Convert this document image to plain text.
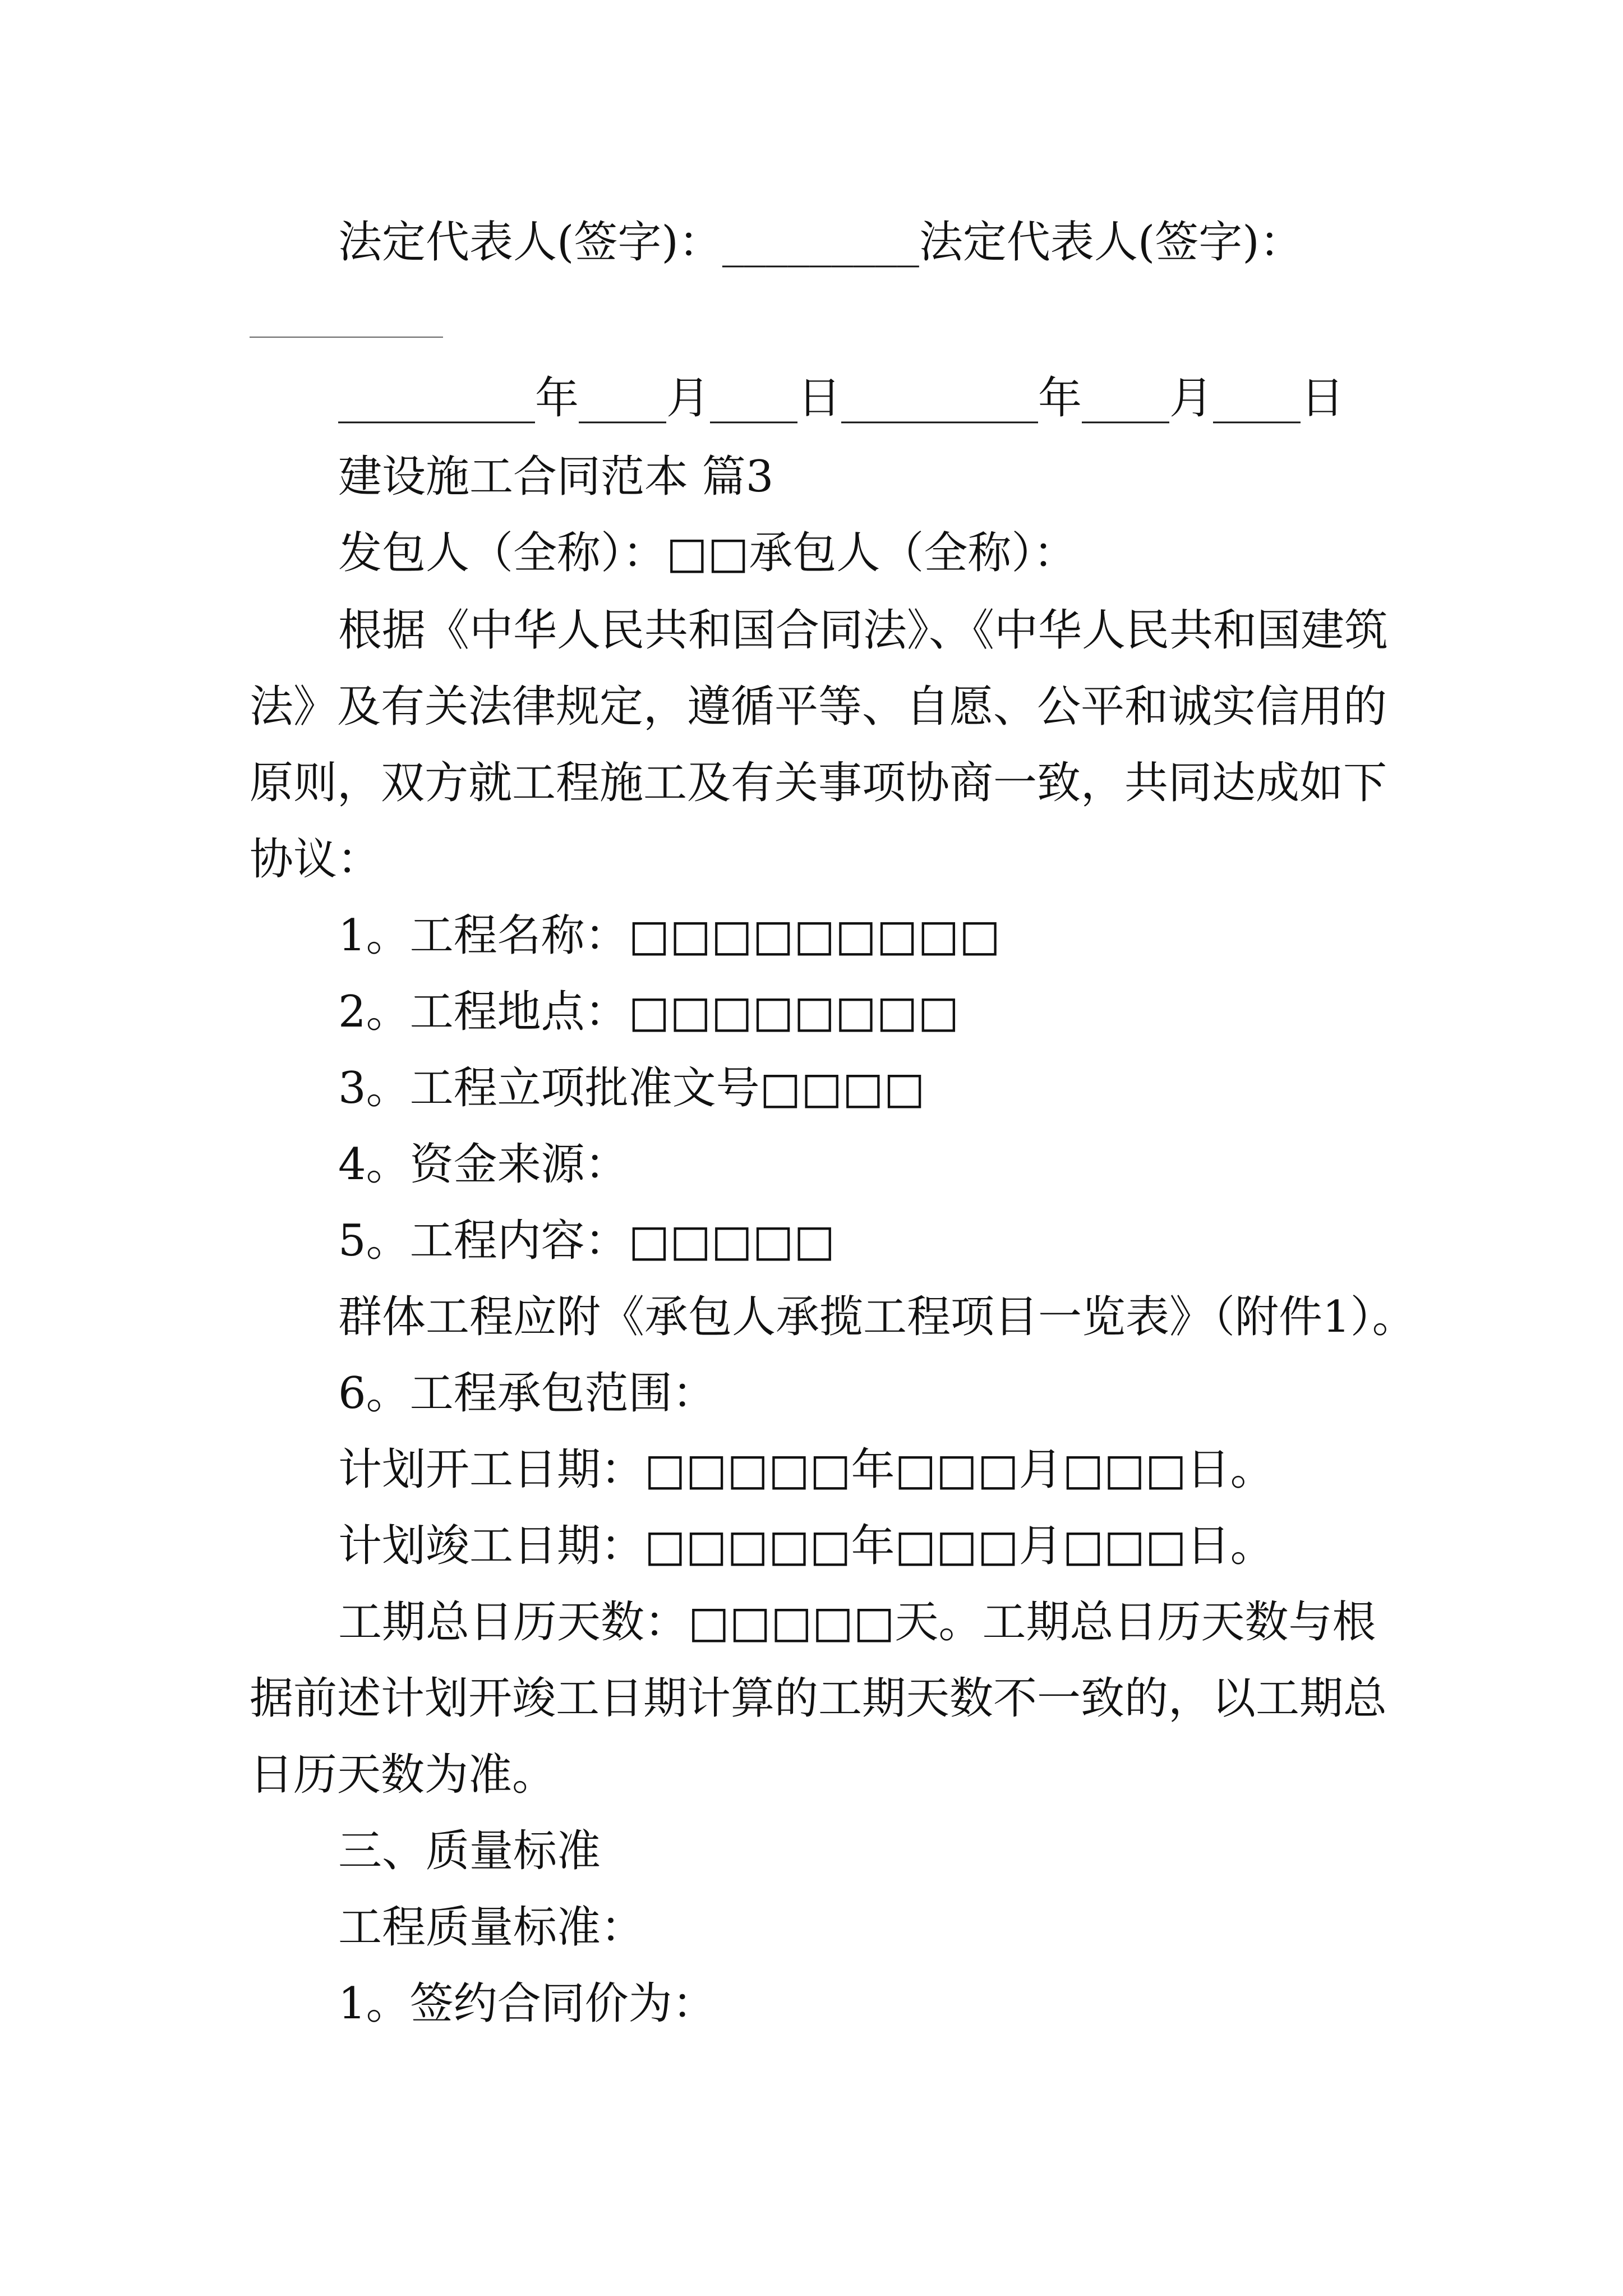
法定代表人(签字)：_________法定代表人(签字)：
_________年____月____日_________年____月____日
建设施工合同范本 篇3
发包人（全称）：□□承包人（全称）：
根据《中华人民共和国合同法》、《中华人民共和国建筑
法》及有关法律规定，遵循平等、自愿、公平和诚实信用的
原则，双方就工程施工及有关事项协商一致，共同达成如下
协议：
1。工程名称：□□□□□□□□□
2。工程地点：□□□□□□□□
3。工程立项批准文号□□□□
4。资金来源：
5。工程内容：□□□□□
群体工程应附《承包人承揽工程项目一览表》（附件1）。
6。工程承包范围：
计划开工日期：□□□□□年□□□月□□□日。
计划竣工日期：□□□□□年□□□月□□□日。
工期总日历天数：□□□□□天。工期总日历天数与根
据前述计划开竣工日期计算的工期天数不一致的，以工期总
日历天数为准。
三、质量标准
工程质量标准：
1。签约合同价为：
